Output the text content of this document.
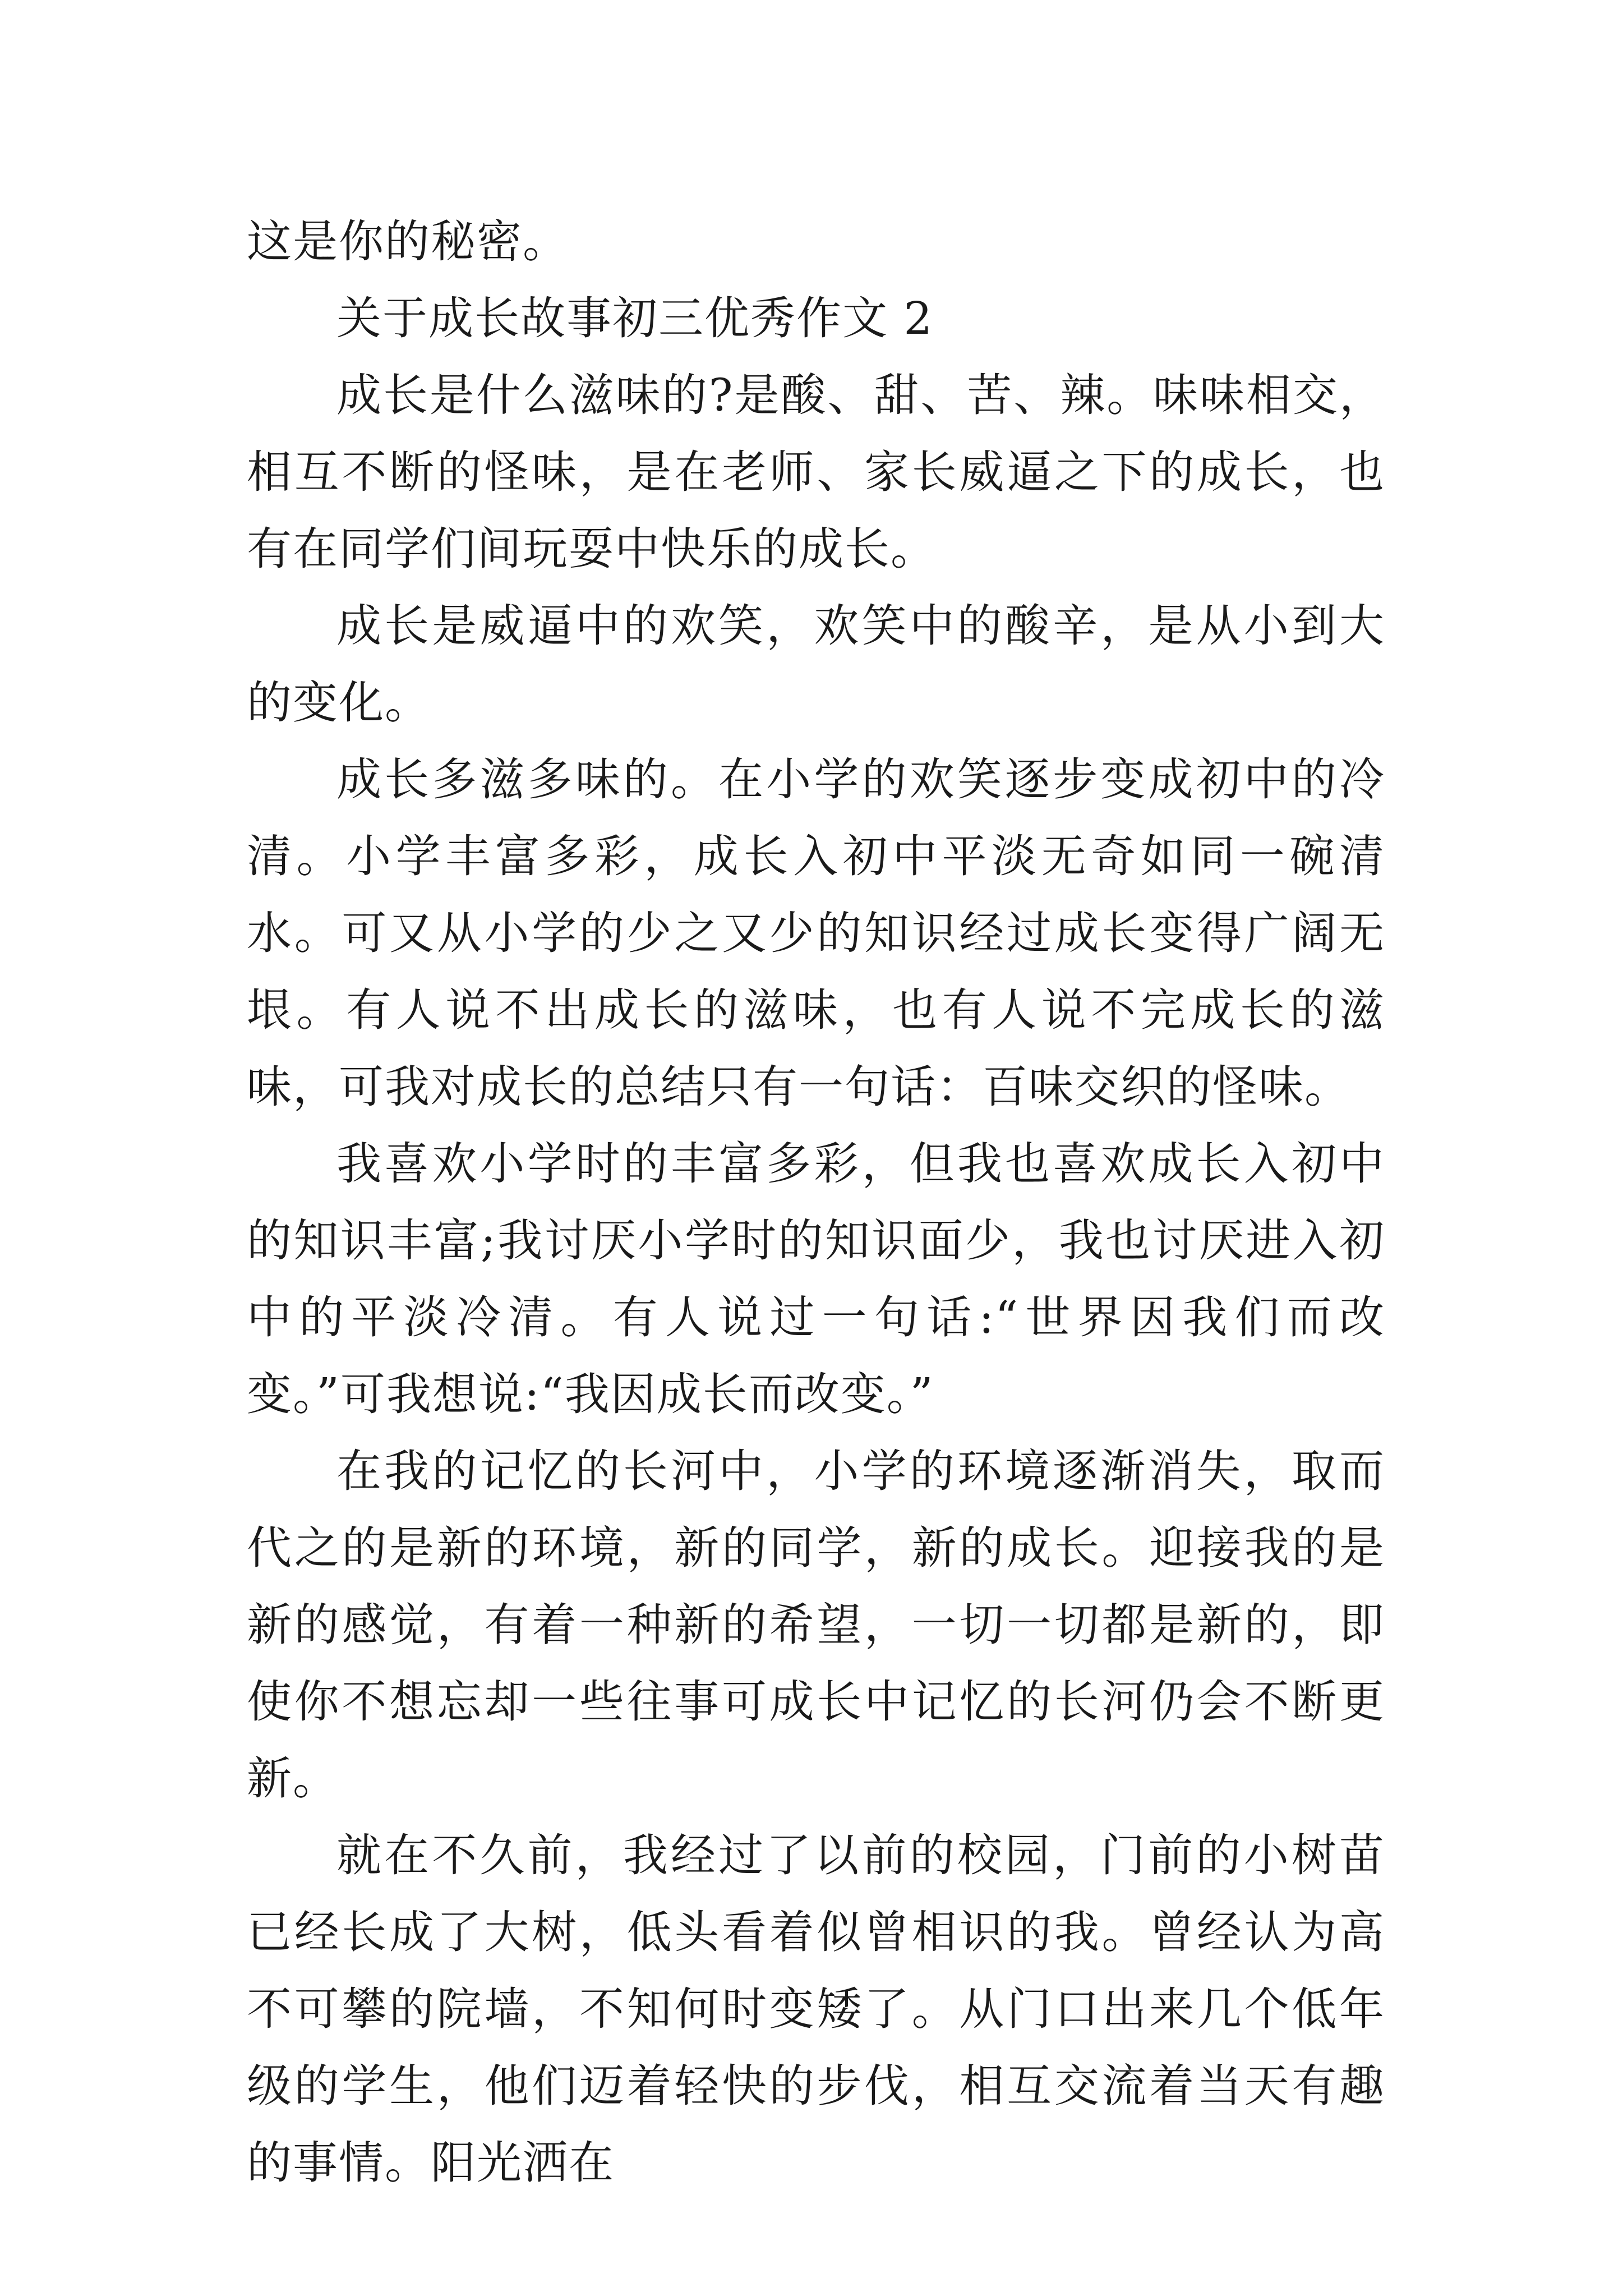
这是你的秘密。

关于成长故事初三优秀作文 2

成长是什么滋味的?是酸、甜、苦、辣。味味相交，相互不断的怪味，是在老师、家长威逼之下的成长，也有在同学们间玩耍中快乐的成长。

成长是威逼中的欢笑，欢笑中的酸辛，是从小到大的变化。

成长多滋多味的。在小学的欢笑逐步变成初中的冷清。小学丰富多彩，成长入初中平淡无奇如同一碗清水。可又从小学的少之又少的知识经过成长变得广阔无垠。有人说不出成长的滋味，也有人说不完成长的滋味，可我对成长的总结只有一句话：百味交织的怪味。

我喜欢小学时的丰富多彩，但我也喜欢成长入初中的知识丰富;我讨厌小学时的知识面少，我也讨厌进入初中的平淡冷清。有人说过一句话:“世界因我们而改变。”可我想说:“我因成长而改变。”

在我的记忆的长河中，小学的环境逐渐消失，取而代之的是新的环境，新的同学，新的成长。迎接我的是新的感觉，有着一种新的希望，一切一切都是新的，即使你不想忘却一些往事可成长中记忆的长河仍会不断更新。

就在不久前，我经过了以前的校园，门前的小树苗已经长成了大树，低头看着似曾相识的我。曾经认为高不可攀的院墙，不知何时变矮了。从门口出来几个低年级的学生，他们迈着轻快的步伐，相互交流着当天有趣的事情。阳光洒在
